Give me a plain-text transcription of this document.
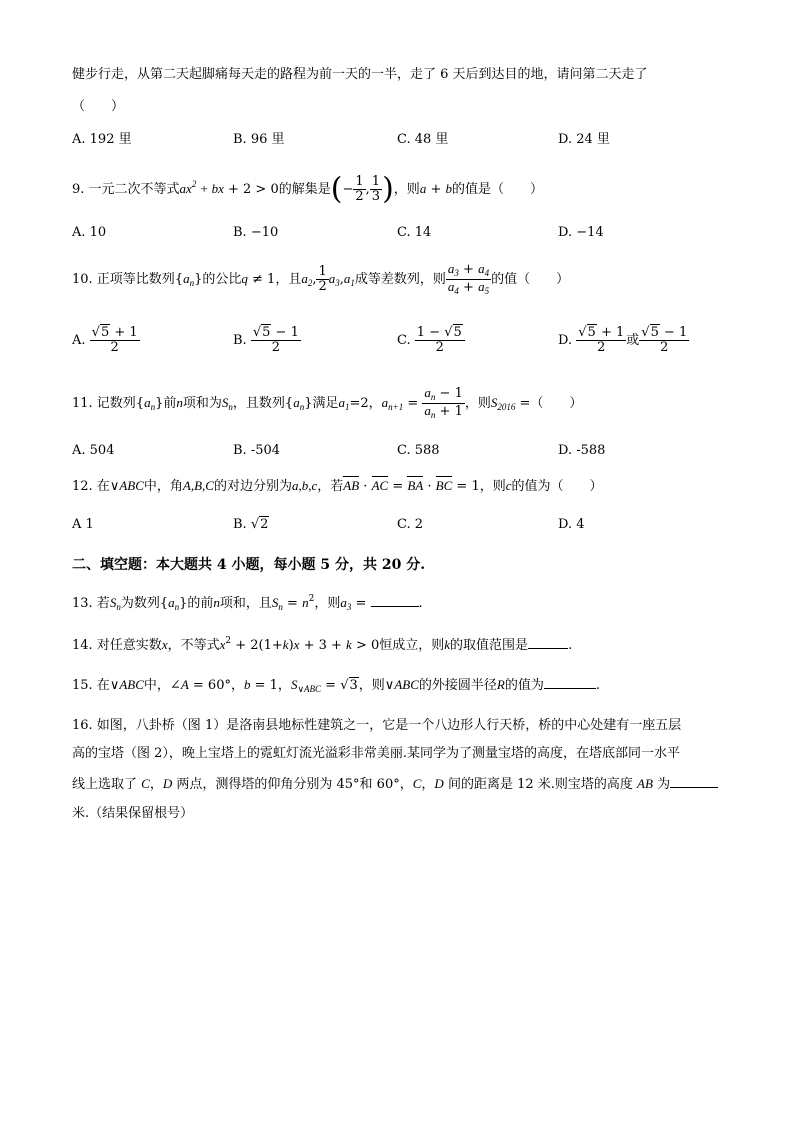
健步行走，从第二天起脚痛每天走的路程为前一天的一半，走了 6 天后到达目的地，请问第二天走了
（　　）
A. 192 里	B. 96 里	C. 48 里	D. 24 里
9. 一元二次不等式$ax^2$ + bx + 2 > 0的解集是(− $\frac{1}{2}$ , $\frac{1}{3}$ )，则a + b的值是（　　）
A. 10	B. −10	C. 14	D. −14
10. 正项等比数列$\{a_n\}$的公比q ≠ 1，且$a_2$, $\frac{1}{2} a_3,a_1$成等差数列，则 $\frac{a_3 + a_4}{a_4 + a_5}$ 的值（　　）
A. $\frac{√5 + 1}{2}$	B. $\frac{√5 - 1}{2}$	C. $\frac{1 - √5}{2}$	D. $\frac{√5 + 1}{2}$ 或 $\frac{√5 - 1}{2}$
11. 记数列$\{a_n\}$前n项和为$S_n$，且数列$\{a_n\}$满足$a_1=2$，$a_{n+1} = \frac{a_n - 1}{a_n + 1}$ ，则$S_{2016}$ =（　　）
A. 504	B. -504	C. 588	D. -588
12. 在∨ABC中，角A,B,C的对边分别为a,b,c，若AB · AC = BA · BC = 1，则c的值为（　　）
A 1	B. √2	C. 2	D. 4
二、填空题：本大题共 4 小题，每小题 5 分，共 20 分.
13. 若$S_n$为数列$\{a_n\}$的前n项和，且$S_n = n^2$，则$a_3$ =	.
14. 对任意实数x，不等式$x^2 + 2(1+k)x + 3 + k > 0$恒成立，则k的取值范围是	.
15. 在∨ABC中，∠A = 60°，b = 1，$S_{\vee ABC} = √3$，则∨ABC的外接圆半径R的值为	.
16. 如图，八卦桥（图 1）是洛南县地标性建筑之一，它是一个八边形人行天桥，桥的中心处建有一座五层
高的宝塔（图 2），晚上宝塔上的霓虹灯流光溢彩非常美丽.某同学为了测量宝塔的高度，在塔底部同一水平
线上选取了 C，D 两点，测得塔的仰角分别为 45°和 60°，C，D 间的距离是 12 米.则宝塔的高度 AB 为
米.（结果保留根号）
